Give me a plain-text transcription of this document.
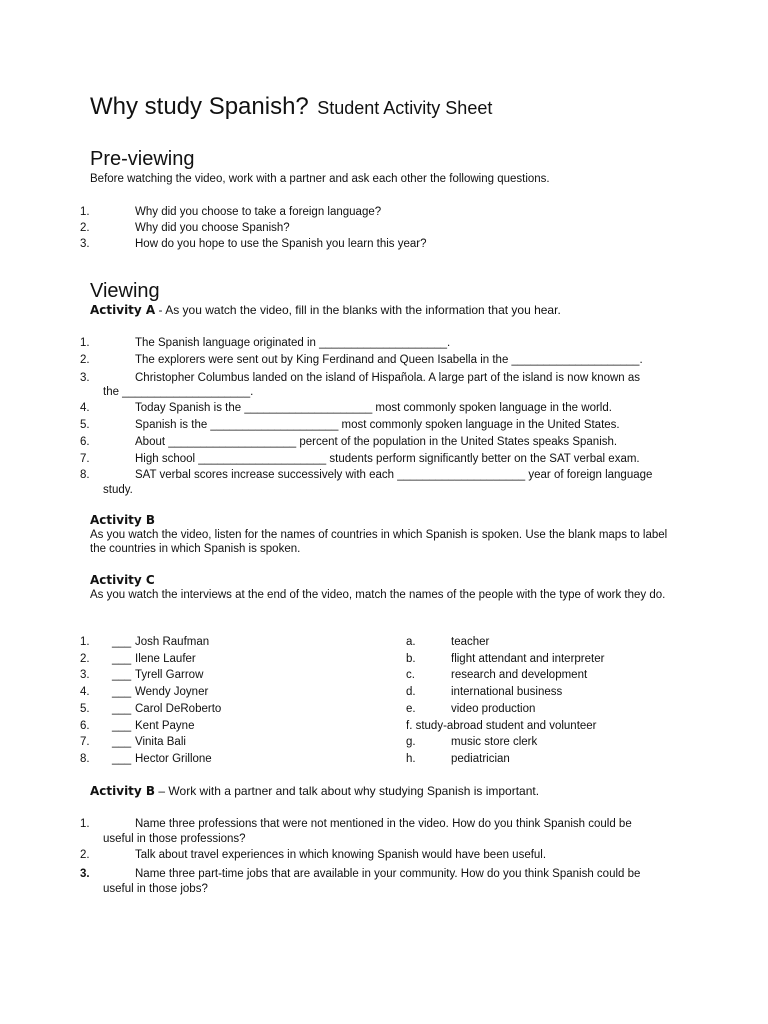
Why study Spanish? Student Activity Sheet
Pre-viewing
Before watching the video, work with a partner and ask each other the following questions.
1.	Why did you choose to take a foreign language?
2.	Why did you choose Spanish?
3.	How do you hope to use the Spanish you learn this year?
Viewing
Activity A - As you watch the video, fill in the blanks with the information that you hear.
1.	The Spanish language originated in ____________________.
2.	The explorers were sent out by King Ferdinand and Queen Isabella in the ____________________.
3.	Christopher Columbus landed on the island of Hispañola. A large part of the island is now known as
the ____________________.
4.	Today Spanish is the ____________________ most commonly spoken language in the world.
5.	Spanish is the ____________________ most commonly spoken language in the United States.
6.	About ____________________ percent of the population in the United States speaks Spanish.
7.	High school ____________________ students perform significantly better on the SAT verbal exam.
8.	SAT verbal scores increase successively with each ____________________ year of foreign language
study.
Activity B
As you watch the video, listen for the names of countries in which Spanish is spoken. Use the blank maps to label the countries in which Spanish is spoken.
Activity C
As you watch the interviews at the end of the video, match the names of the people with the type of work they do.
1. ___ Josh Raufman	a.	teacher
2. ___ Ilene Laufer	b.	flight attendant and interpreter
3. ___ Tyrell Garrow	c.	research and development
4. ___ Wendy Joyner	d.	international business
5. ___ Carol DeRoberto	e.	video production
6. ___ Kent Payne	f. study-abroad student and volunteer
7. ___ Vinita Bali	g.	music store clerk
8. ___ Hector Grillone	h.	pediatrician
Activity B – Work with a partner and talk about why studying Spanish is important.
1.	Name three professions that were not mentioned in the video. How do you think Spanish could be
useful in those professions?
2.	Talk about travel experiences in which knowing Spanish would have been useful.
3.	Name three part-time jobs that are available in your community. How do you think Spanish could be
useful in those jobs?
